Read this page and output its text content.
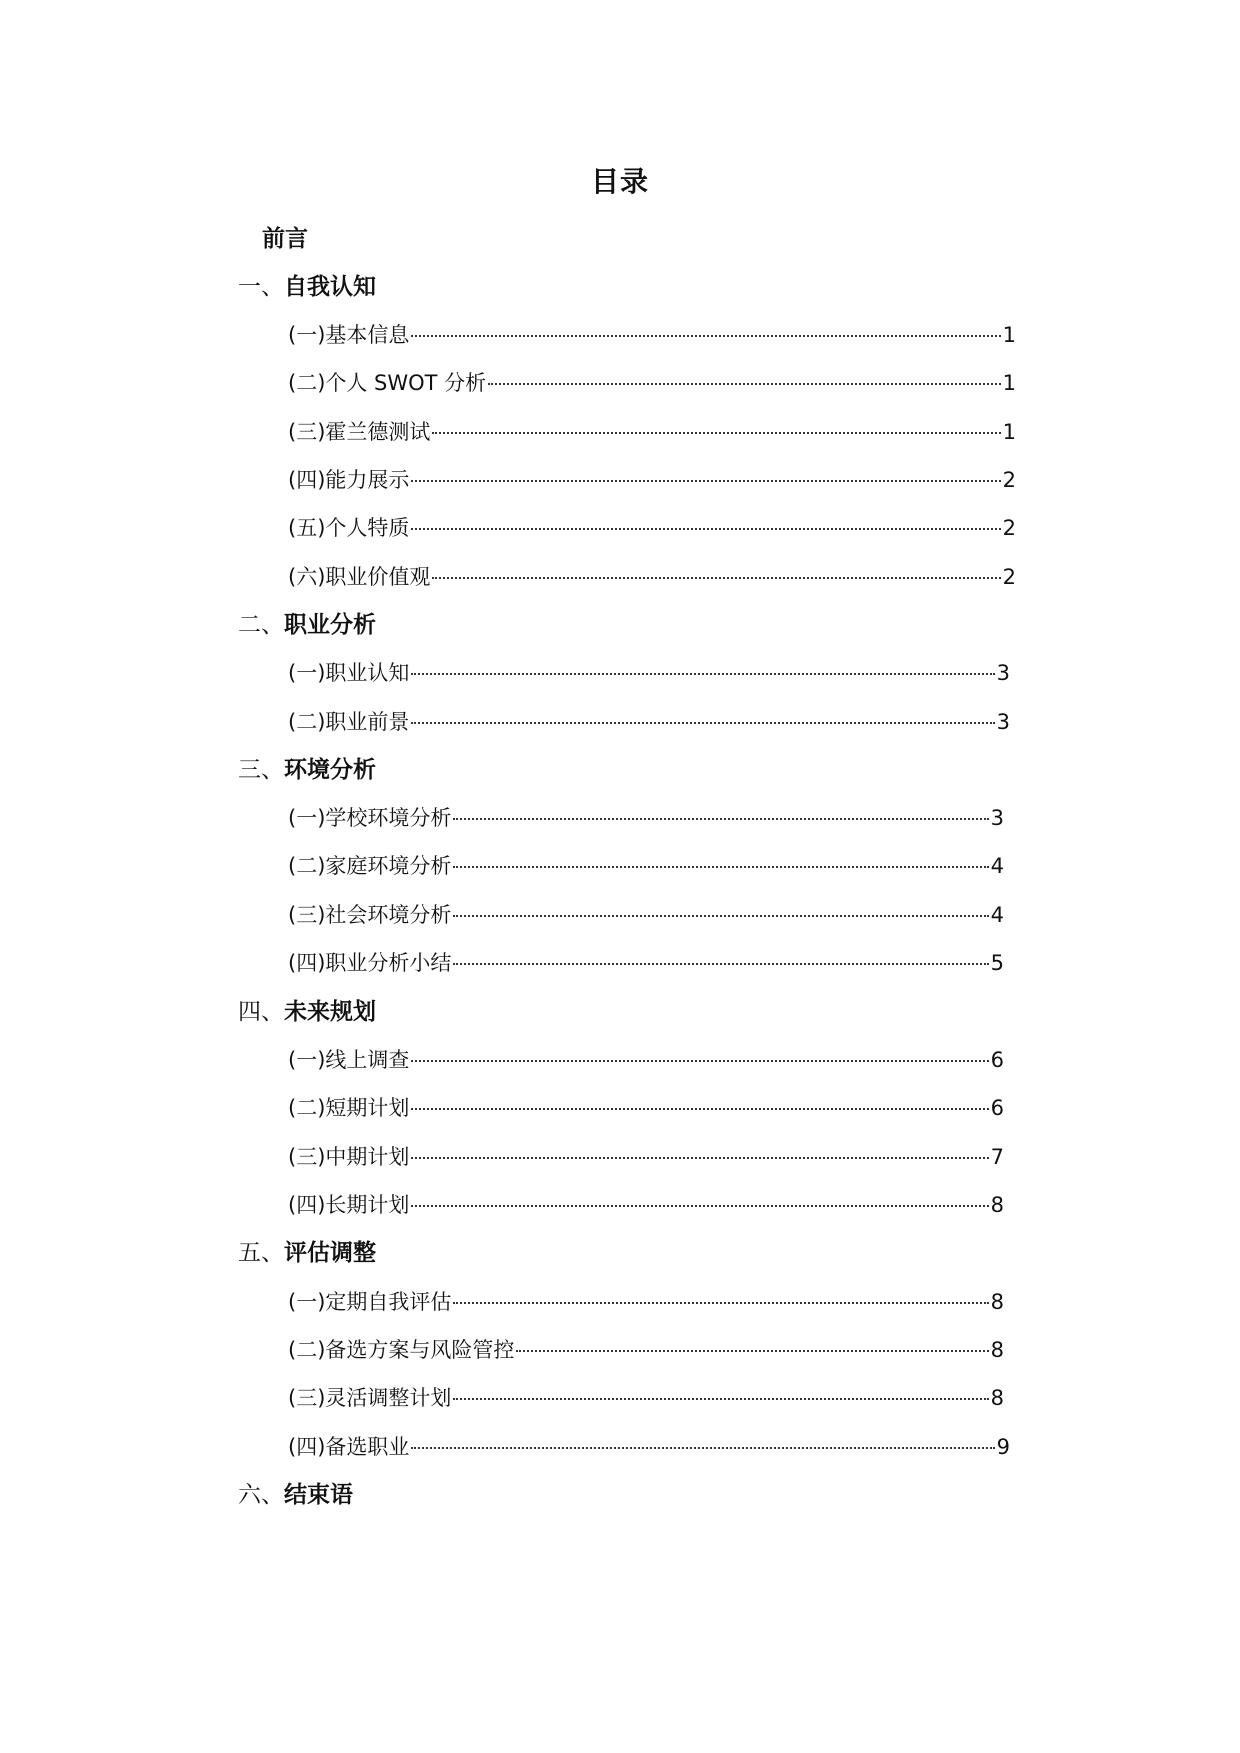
目录
前言
一、自我认知
(一)基本信息	1
(二)个人 SWOT 分析	1
(三)霍兰德测试	1
(四)能力展示	2
(五)个人特质	2
(六)职业价值观	2
二、职业分析
(一)职业认知	3
(二)职业前景	3
三、环境分析
(一)学校环境分析	3
(二)家庭环境分析	4
(三)社会环境分析	4
(四)职业分析小结	5
四、未来规划
(一)线上调查	6
(二)短期计划	6
(三)中期计划	7
(四)长期计划	8
五、评估调整
(一)定期自我评估	8
(二)备选方案与风险管控	8
(三)灵活调整计划	8
(四)备选职业	9
六、结束语
